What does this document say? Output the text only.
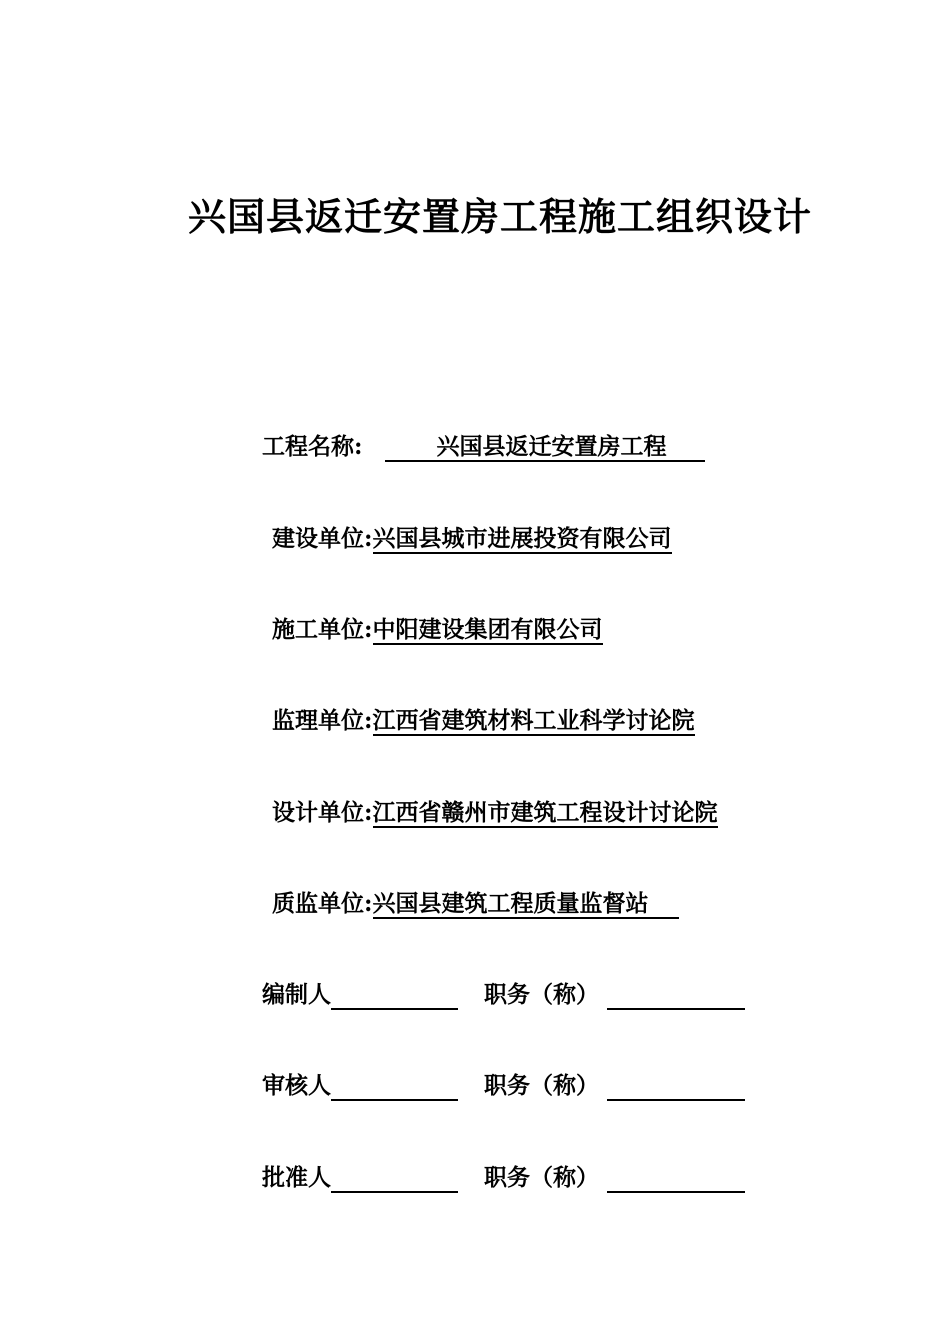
兴国县返迁安置房工程施工组织设计
工程名称:	兴国县返迁安置房工程
建设单位:兴国县城市进展投资有限公司
施工单位:中阳建设集团有限公司
监理单位:江西省建筑材料工业科学讨论院
设计单位:江西省赣州市建筑工程设计讨论院
质监单位:兴国县建筑工程质量监督站
编制人	职务（称）
审核人	职务（称）
批准人	职务（称）
